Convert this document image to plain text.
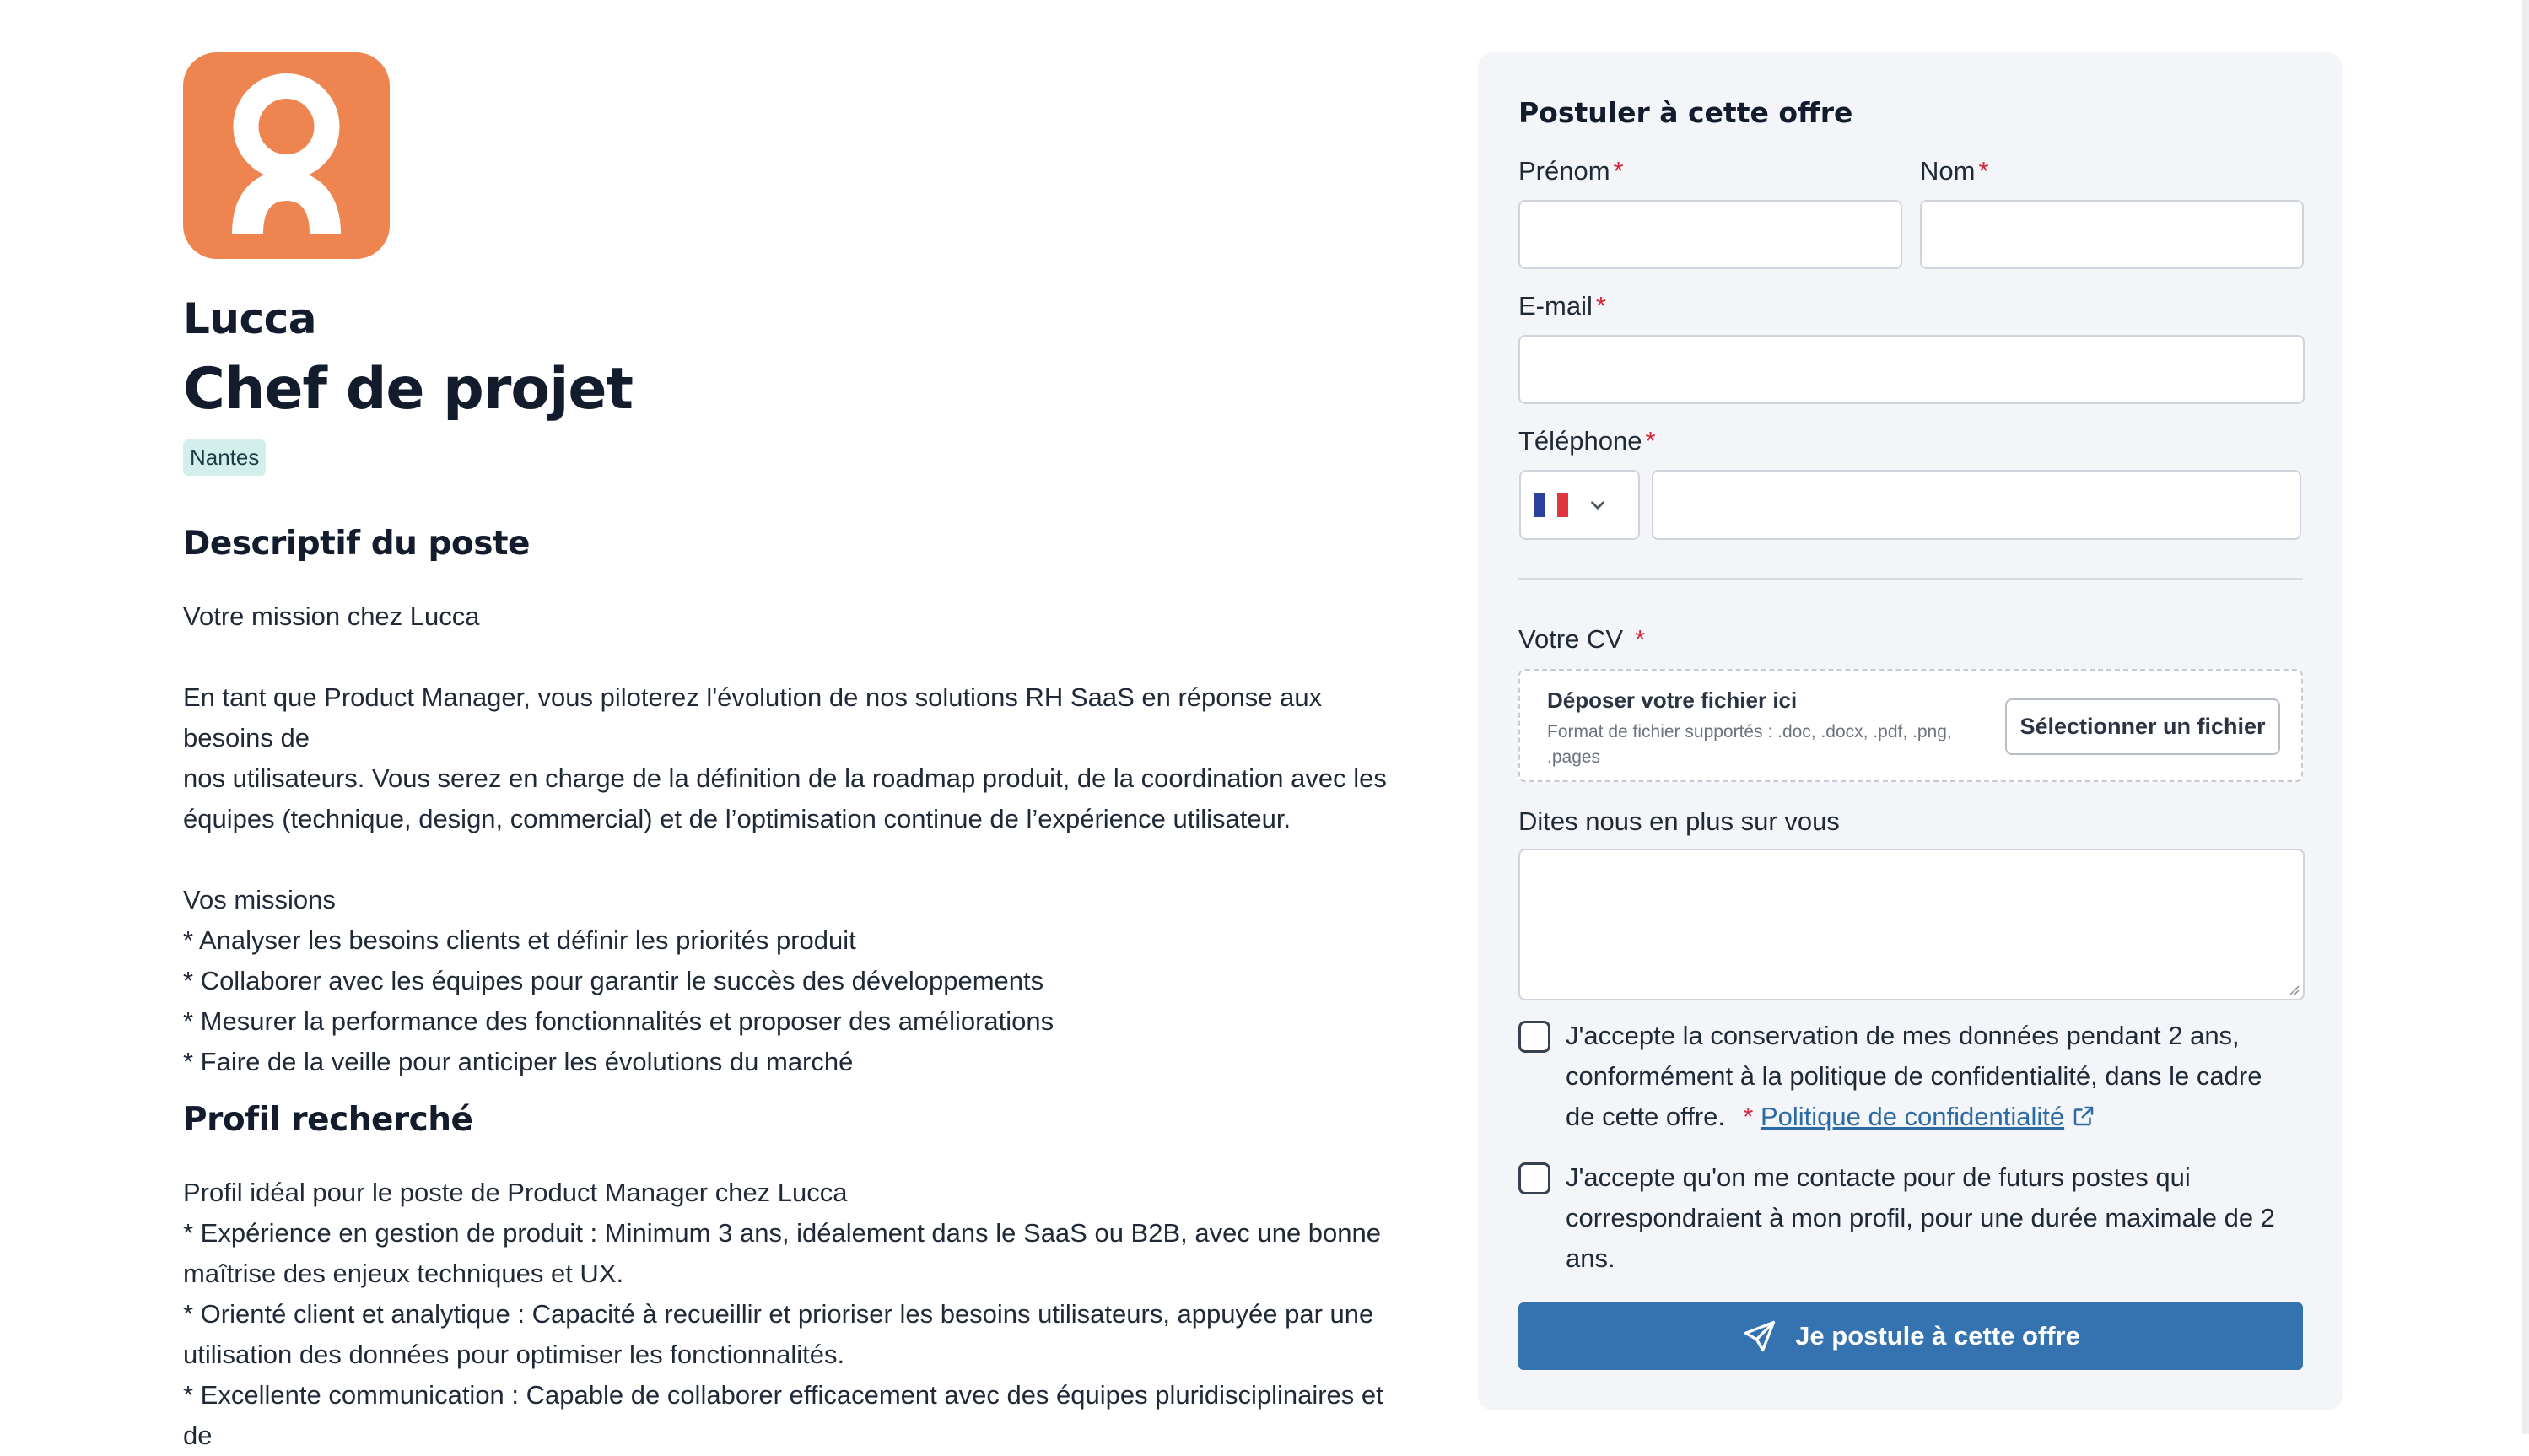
Lucca
Chef de projet
Nantes
Descriptif du poste
Votre mission chez Lucca
En tant que Product Manager, vous piloterez l'évolution de nos solutions RH SaaS en réponse aux besoins de
nos utilisateurs. Vous serez en charge de la définition de la roadmap produit, de la coordination avec les
équipes (technique, design, commercial) et de l’optimisation continue de l’expérience utilisateur.
Vos missions
* Analyser les besoins clients et définir les priorités produit
* Collaborer avec les équipes pour garantir le succès des développements
* Mesurer la performance des fonctionnalités et proposer des améliorations
* Faire de la veille pour anticiper les évolutions du marché
Profil recherché
Profil idéal pour le poste de Product Manager chez Lucca
* Expérience en gestion de produit : Minimum 3 ans, idéalement dans le SaaS ou B2B, avec une bonne
maîtrise des enjeux techniques et UX.
* Orienté client et analytique : Capacité à recueillir et prioriser les besoins utilisateurs, appuyée par une
utilisation des données pour optimiser les fonctionnalités.
* Excellente communication : Capable de collaborer efficacement avec des équipes pluridisciplinaires et de
Postuler à cette offre
Prénom *	Nom *
E-mail *
Téléphone *
Votre CV *
Déposer votre fichier ici
Format de fichier supportés : .doc, .docx, .pdf, .png, .pages
Sélectionner un fichier
Dites nous en plus sur vous
J'accepte la conservation de mes données pendant 2 ans, conformément à la politique de confidentialité, dans le cadre de cette offre. * Politique de confidentialité
J'accepte qu'on me contacte pour de futurs postes qui correspondraient à mon profil, pour une durée maximale de 2 ans.
Je postule à cette offre
